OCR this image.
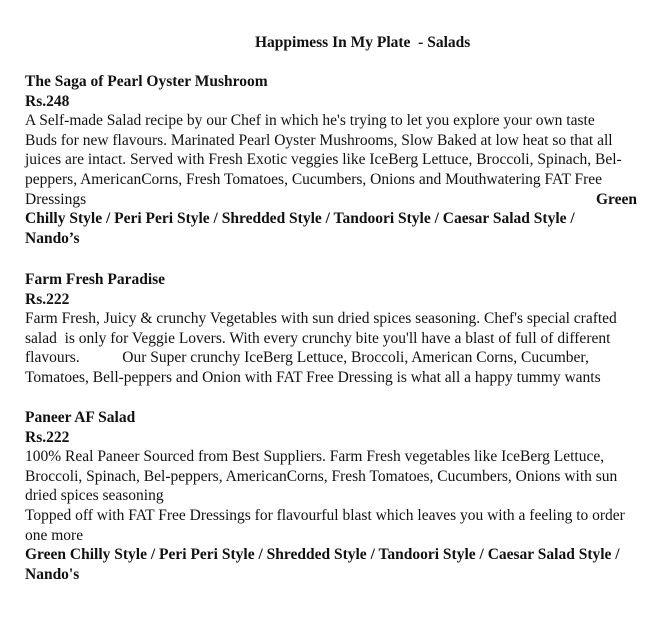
Happimess In My Plate  - Salads
The Saga of Pearl Oyster Mushroom
Rs.248
A Self-made Salad recipe by our Chef in which he's trying to let you explore your own taste
Buds for new flavours. Marinated Pearl Oyster Mushrooms, Slow Baked at low heat so that all
juices are intact. Served with Fresh Exotic veggies like IceBerg Lettuce, Broccoli, Spinach, Bel-
peppers, AmericanCorns, Fresh Tomatoes, Cucumbers, Onions and Mouthwatering FAT Free
Dressings	Green
Chilly Style / Peri Peri Style / Shredded Style / Tandoori Style / Caesar Salad Style /
Nando’s
Farm Fresh Paradise
Rs.222
Farm Fresh, Juicy & crunchy Vegetables with sun dried spices seasoning. Chef's special crafted
salad  is only for Veggie Lovers. With every crunchy bite you'll have a blast of full of different
flavours.           Our Super crunchy IceBerg Lettuce, Broccoli, American Corns, Cucumber,
Tomatoes, Bell-peppers and Onion with FAT Free Dressing is what all a happy tummy wants
Paneer AF Salad
Rs.222
100% Real Paneer Sourced from Best Suppliers. Farm Fresh vegetables like IceBerg Lettuce,
Broccoli, Spinach, Bel-peppers, AmericanCorns, Fresh Tomatoes, Cucumbers, Onions with sun
dried spices seasoning
Topped off with FAT Free Dressings for flavourful blast which leaves you with a feeling to order
one more
Green Chilly Style / Peri Peri Style / Shredded Style / Tandoori Style / Caesar Salad Style /
Nando's
